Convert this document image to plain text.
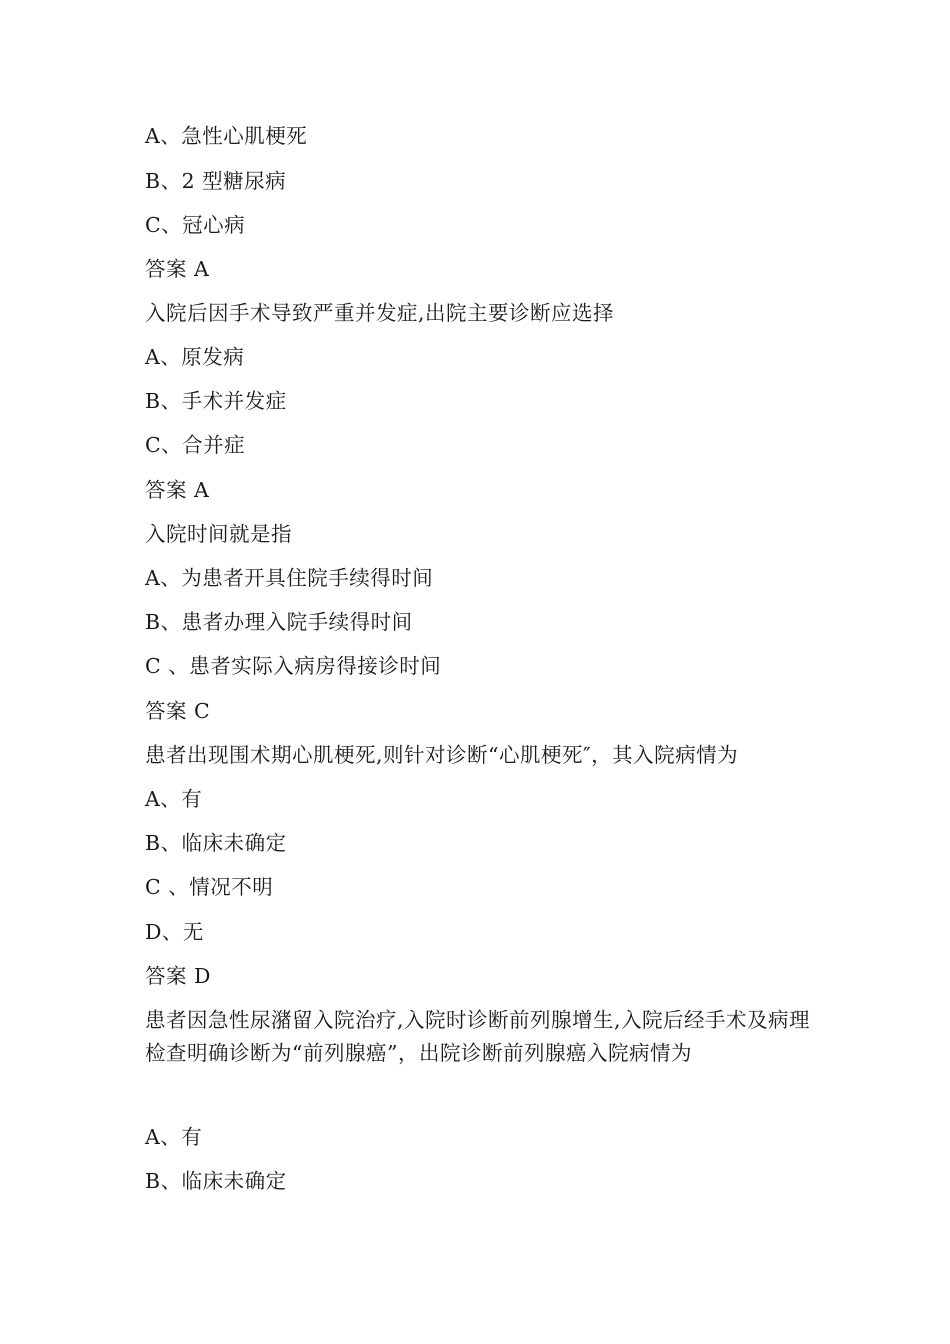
A、急性心肌梗死
B、2 型糖尿病
C、冠心病
答案 A
入院后因手术导致严重并发症,出院主要诊断应选择
A、原发病
B、手术并发症
C、合并症
答案 A
入院时间就是指
A、为患者开具住院手续得时间
B、患者办理入院手续得时间
C 、患者实际入病房得接诊时间
答案 C
患者出现围术期心肌梗死,则针对诊断“心肌梗死″，其入院病情为
A、有
B、临床未确定
C 、情况不明
D、无
答案 D
患者因急性尿潴留入院治疗,入院时诊断前列腺增生,入院后经手术及病理检查明确诊断为“前列腺癌”，出院诊断前列腺癌入院病情为
A、有
B、临床未确定
